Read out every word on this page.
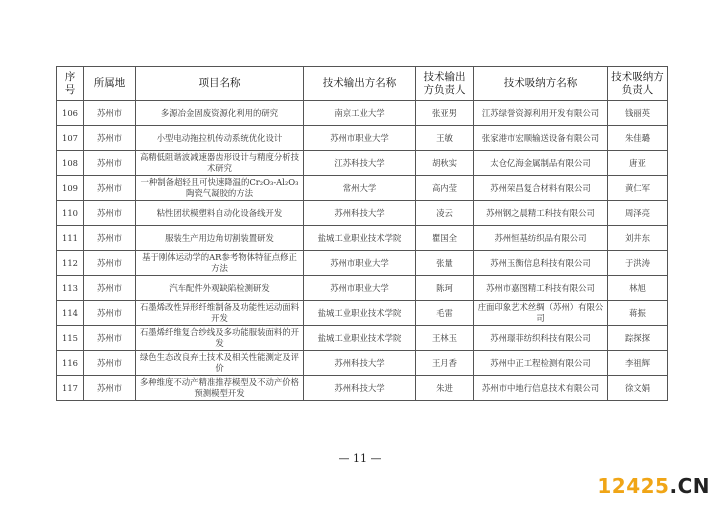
序号	所属地	项目名称	技术输出方名称	技术输出方负责人	技术吸纳方名称	技术吸纳方负责人
106	苏州市	多源冶金固废资源化利用的研究	南京工业大学	张亚男	江苏绿誉资源利用开发有限公司	钱丽英
107	苏州市	小型电动拖拉机传动系统优化设计	苏州市职业大学	王敏	张家港市宏顺输送设备有限公司	朱佳璐
108	苏州市	高精低阻谐波减速器齿形设计与精度分析技术研究	江苏科技大学	胡秋实	太仓亿海金属制品有限公司	唐亚
109	苏州市	一种制备超轻且可快速降温的Cr₂O₃-Al₂O₃陶瓷气凝胶的方法	常州大学	高内莹	苏州荣昌复合材料有限公司	黄仁军
110	苏州市	粘性团状模塑料自动化设备线开发	苏州科技大学	凌云	苏州钢之晨精工科技有限公司	周泽亮
111	苏州市	服装生产用边角切割装置研发	盐城工业职业技术学院	瞿国全	苏州恒基纺织品有限公司	刘井东
112	苏州市	基于刚体运动学的AR参考物体特征点修正方法	苏州市职业大学	张量	苏州玉衡信息科技有限公司	于洪涛
113	苏州市	汽车配件外观缺陷检测研发	苏州市职业大学	陈珂	苏州市嘉图精工科技有限公司	林旭
114	苏州市	石墨烯改性异形纤维制备及功能性运动面料开发	盐城工业职业技术学院	毛雷	庄面印象艺术丝绸（苏州）有限公司	蒋振
115	苏州市	石墨烯纤维复合纱线及多功能服装面料的开发	盐城工业职业技术学院	王林玉	苏州璟菲纺织科技有限公司	踪探探
116	苏州市	绿色生态改良弃土技术及相关性能测定及评价	苏州科技大学	王月香	苏州中正工程检测有限公司	李祖辉
117	苏州市	多种维度不动产精准推荐模型及不动产价格预测模型开发	苏州科技大学	朱进	苏州市中地行信息技术有限公司	徐文娟
— 11 —
12425.CN
